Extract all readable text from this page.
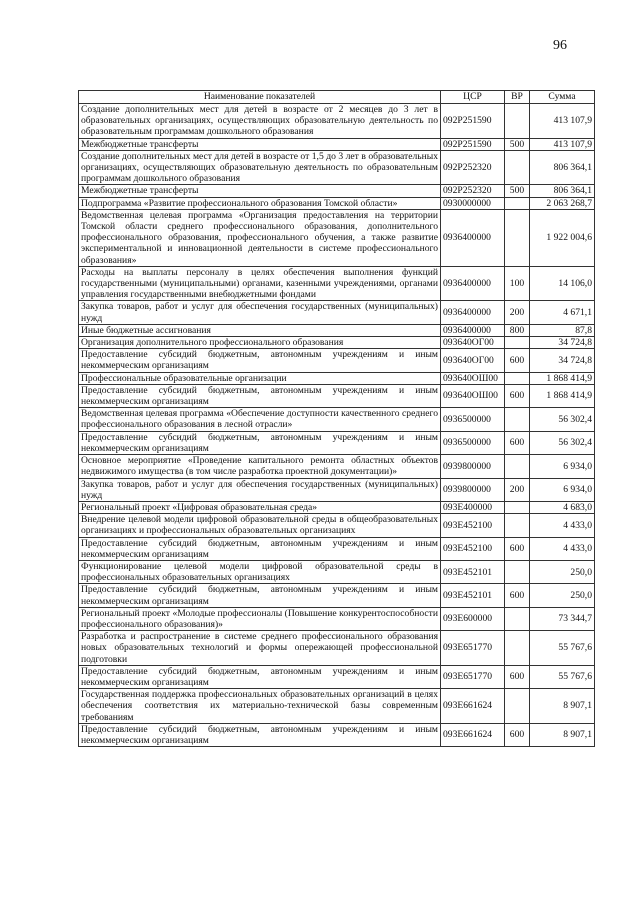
96
Наименование показателей	ЦСР	ВР	Сумма
Создание дополнительных мест для детей в возрасте от 2 месяцев до 3 лет в образовательных организациях, осуществляющих образовательную деятельность по образовательным программам дошкольного образования	092P251590		413 107,9
Межбюджетные трансферты	092P251590	500	413 107,9
Создание дополнительных мест для детей в возрасте от 1,5 до 3 лет в образовательных организациях, осуществляющих образовательную деятельность по образовательным программам дошкольного образования	092P252320		806 364,1
Межбюджетные трансферты	092P252320	500	806 364,1
Подпрограмма «Развитие профессионального образования Томской области»	0930000000		2 063 268,7
Ведомственная целевая программа «Организация предоставления на территории Томской области среднего профессионального образования, дополнительного профессионального образования, профессионального обучения, а также развитие экспериментальной и инновационной деятельности в системе профессионального образования»	0936400000		1 922 004,6
Расходы на выплаты персоналу в целях обеспечения выполнения функций государственными (муниципальными) органами, казенными учреждениями, органами управления государственными внебюджетными фондами	0936400000	100	14 106,0
Закупка товаров, работ и услуг для обеспечения государственных (муниципальных) нужд	0936400000	200	4 671,1
Иные бюджетные ассигнования	0936400000	800	87,8
Организация дополнительного профессионального образования	093640ОГ00		34 724,8
Предоставление субсидий бюджетным, автономным учреждениям и иным некоммерческим организациям	093640ОГ00	600	34 724,8
Профессиональные образовательные организации	093640ОШ00		1 868 414,9
Предоставление субсидий бюджетным, автономным учреждениям и иным некоммерческим организациям	093640ОШ00	600	1 868 414,9
Ведомственная целевая программа «Обеспечение доступности качественного среднего профессионального образования в лесной отрасли»	0936500000		56 302,4
Предоставление субсидий бюджетным, автономным учреждениям и иным некоммерческим организациям	0936500000	600	56 302,4
Основное мероприятие «Проведение капитального ремонта областных объектов недвижимого имущества (в том числе разработка проектной документации)»	0939800000		6 934,0
Закупка товаров, работ и услуг для обеспечения государственных (муниципальных) нужд	0939800000	200	6 934,0
Региональный проект «Цифровая образовательная среда»	093E400000		4 683,0
Внедрение целевой модели цифровой образовательной среды в общеобразовательных организациях и профессиональных образовательных организациях	093E452100		4 433,0
Предоставление субсидий бюджетным, автономным учреждениям и иным некоммерческим организациям	093E452100	600	4 433,0
Функционирование целевой модели цифровой образовательной среды в профессиональных образовательных организациях	093E452101		250,0
Предоставление субсидий бюджетным, автономным учреждениям и иным некоммерческим организациям	093E452101	600	250,0
Региональный проект «Молодые профессионалы (Повышение конкурентоспособности профессионального образования)»	093E600000		73 344,7
Разработка и распространение в системе среднего профессионального образования новых образовательных технологий и формы опережающей профессиональной подготовки	093E651770		55 767,6
Предоставление субсидий бюджетным, автономным учреждениям и иным некоммерческим организациям	093E651770	600	55 767,6
Государственная поддержка профессиональных образовательных организаций в целях обеспечения соответствия их материально-технической базы современным требованиям	093E661624		8 907,1
Предоставление субсидий бюджетным, автономным учреждениям и иным некоммерческим организациям	093E661624	600	8 907,1
